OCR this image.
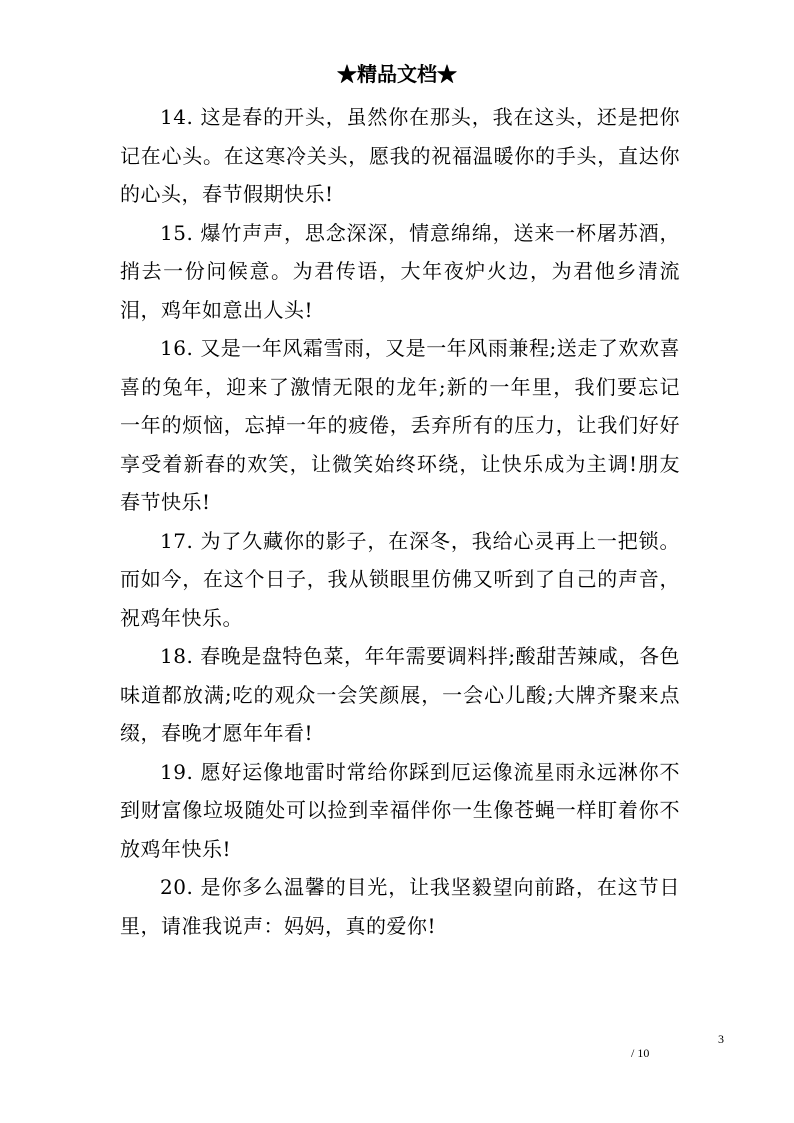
★精品文档★

14. 这是春的开头，虽然你在那头，我在这头，还是把你记在心头。在这寒冷关头，愿我的祝福温暖你的手头，直达你的心头，春节假期快乐!

15. 爆竹声声，思念深深，情意绵绵，送来一杯屠苏酒，捎去一份问候意。为君传语，大年夜炉火边，为君他乡清流泪，鸡年如意出人头!

16. 又是一年风霜雪雨，又是一年风雨兼程;送走了欢欢喜喜的兔年，迎来了激情无限的龙年;新的一年里，我们要忘记一年的烦恼，忘掉一年的疲倦，丢弃所有的压力，让我们好好享受着新春的欢笑，让微笑始终环绕，让快乐成为主调!朋友春节快乐!

17. 为了久藏你的影子，在深冬，我给心灵再上一把锁。而如今，在这个日子，我从锁眼里仿佛又听到了自己的声音，祝鸡年快乐。

18. 春晚是盘特色菜，年年需要调料拌;酸甜苦辣咸，各色味道都放满;吃的观众一会笑颜展，一会心儿酸;大牌齐聚来点缀，春晚才愿年年看!

19. 愿好运像地雷时常给你踩到厄运像流星雨永远淋你不到财富像垃圾随处可以捡到幸福伴你一生像苍蝇一样盯着你不放鸡年快乐!

20. 是你多么温馨的目光，让我坚毅望向前路，在这节日里，请准我说声：妈妈，真的爱你!

3
/ 10
